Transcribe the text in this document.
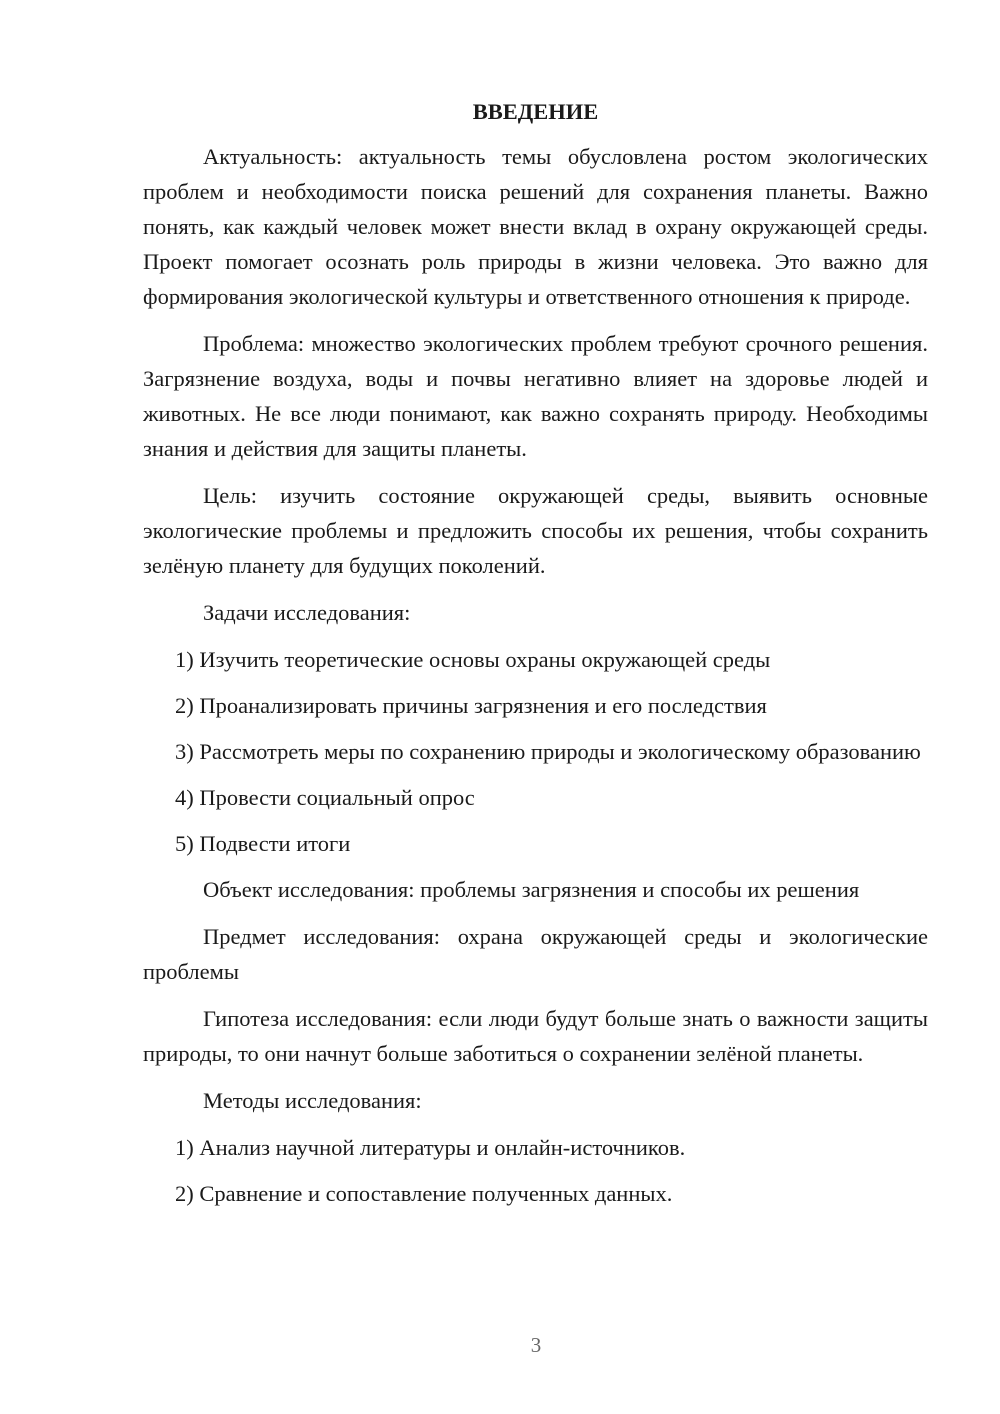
ВВЕДЕНИЕ

Актуальность: актуальность темы обусловлена ростом экологических проблем и необходимости поиска решений для сохранения планеты. Важно понять, как каждый человек может внести вклад в охрану окружающей среды. Проект помогает осознать роль природы в жизни человека. Это важно для формирования экологической культуры и ответственного отношения к природе.

Проблема: множество экологических проблем требуют срочного решения. Загрязнение воздуха, воды и почвы негативно влияет на здоровье людей и животных. Не все люди понимают, как важно сохранять природу. Необходимы знания и действия для защиты планеты.

Цель: изучить состояние окружающей среды, выявить основные экологические проблемы и предложить способы их решения, чтобы сохранить зелёную планету для будущих поколений.

Задачи исследования:

1) Изучить теоретические основы охраны окружающей среды

2) Проанализировать причины загрязнения и его последствия

3) Рассмотреть меры по сохранению природы и экологическому образованию

4) Провести социальный опрос

5) Подвести итоги

Объект исследования: проблемы загрязнения и способы их решения

Предмет исследования: охрана окружающей среды и экологические проблемы

Гипотеза исследования: если люди будут больше знать о важности защиты природы, то они начнут больше заботиться о сохранении зелёной планеты.

Методы исследования:

1) Анализ научной литературы и онлайн-источников.

2) Сравнение и сопоставление полученных данных.

3
